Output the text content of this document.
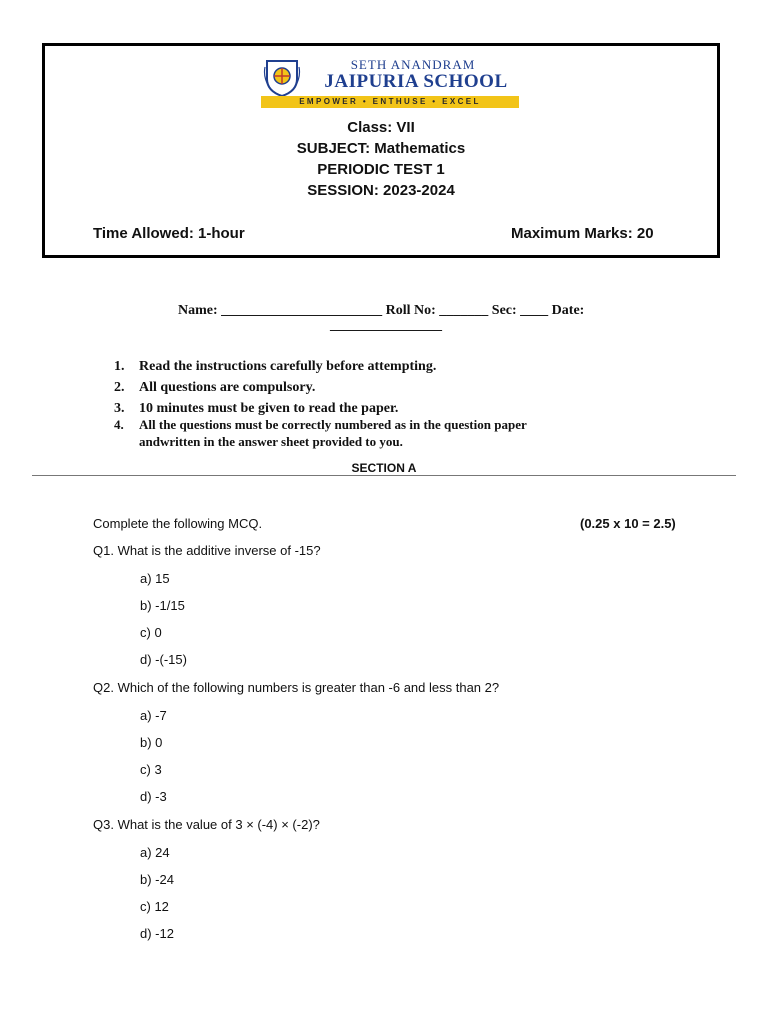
SETH ANANDRAM
JAIPURIA SCHOOL
EMPOWER • ENTHUSE • EXCEL
Class: VII
SUBJECT: Mathematics
PERIODIC TEST 1
SESSION: 2023-2024
Time Allowed: 1-hour	Maximum Marks: 20
Name: _______________________ Roll No: _______ Sec: ____ Date:
________________
1. Read the instructions carefully before attempting.
2. All questions are compulsory.
3. 10 minutes must be given to read the paper.
4. All the questions must be correctly numbered as in the question paper
andwritten in the answer sheet provided to you.
SECTION A
Complete the following MCQ.	(0.25 x 10 = 2.5)
Q1. What is the additive inverse of -15?
a) 15
b) -1/15
c) 0
d) -(-15)
Q2. Which of the following numbers is greater than -6 and less than 2?
a) -7
b) 0
c) 3
d) -3
Q3. What is the value of 3 × (-4) × (-2)?
a) 24
b) -24
c) 12
d) -12
